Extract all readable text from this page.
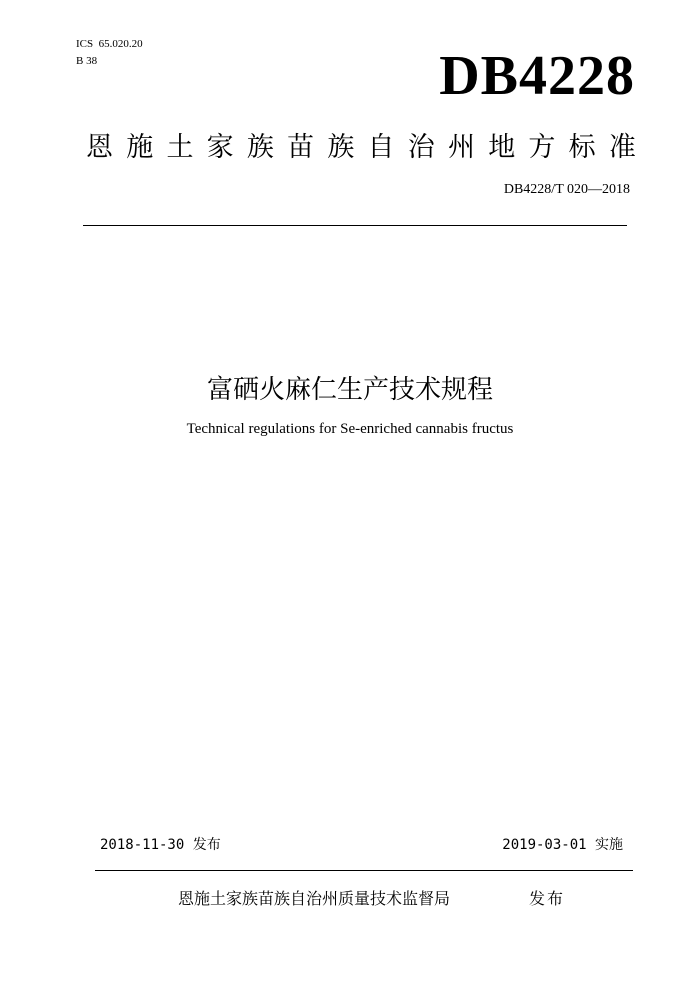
ICS  65.020.20
B 38	DB4228
恩 施 土 家 族 苗 族 自 治 州 地 方 标 准
DB4228/T 020—2018
富硒火麻仁生产技术规程
Technical regulations for Se-enriched cannabis fructus
2018-11-30 发布	2019-03-01 实施
恩施土家族苗族自治州质量技术监督局	发布
